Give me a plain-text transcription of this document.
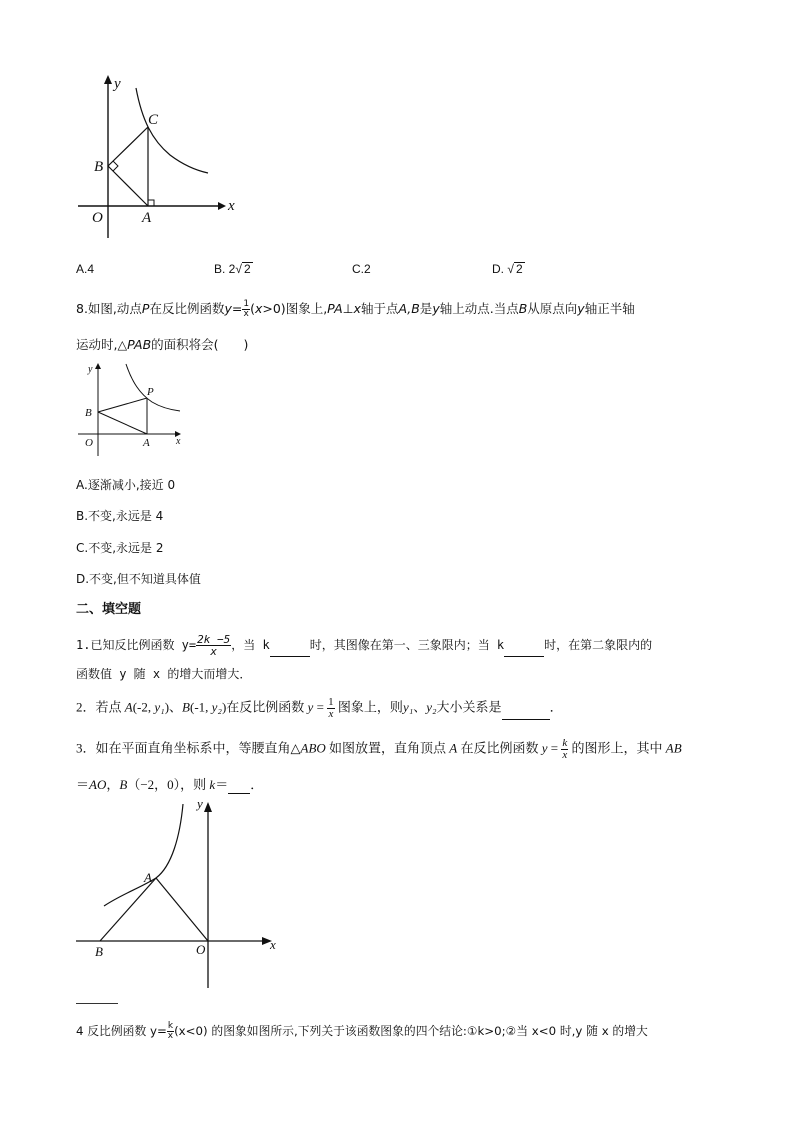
y
x
O	A
B
C
A.4	B. 2√ 2	C.2	D. √ 2
8.如图,动点P在反比例函数$y= \frac{1}{x} (x>0)$图象上,PA⊥x轴于点A,B是y轴上动点.当点B从原点向y轴正半轴
运动时,△PAB的面积将会(　　)
y
x
O	A
B
P
A.逐渐减小,接近 0
B.不变,永远是 4
C.不变,永远是 2
D.不变,但不知道具体值
二、填空题
1.已知反比例函数 $y= \frac{2k -5}{x}$ ，当 k	时，其图像在第一、三象限内；当 k	时，在第二象限内的
函数值 y 随 x 的增大而增大．
2．若点 A(-2, y₁)、B(-1, y₂)在反比例函数 $y = \frac{1}{x}$ 图象上，则y₁、y₂大小关系是	．
3．如在平面直角坐标系中，等腰直角△ABO 如图放置，直角顶点 A 在反比例函数 $y = \frac{k}{x}$ 的图形上，其中 AB
＝AO，B（−2，0），则 k＝ ．
y
x
O
A
B
4 反比例函数 $y= \frac{k}{x} (x<0)$ 的图象如图所示,下列关于该函数图象的四个结论:①k>0;②当 x<0 时,y 随 x 的增大
